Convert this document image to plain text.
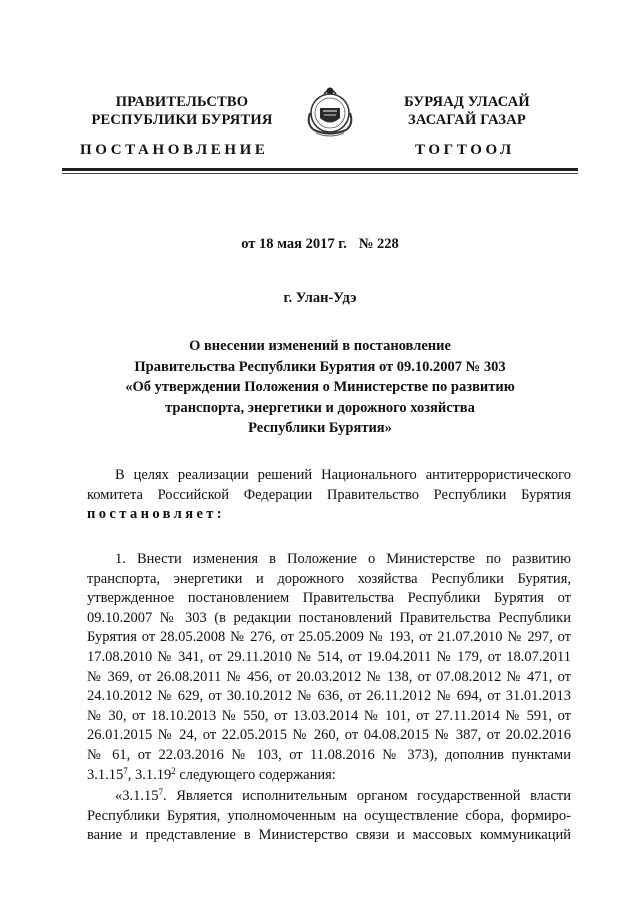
ПРАВИТЕЛЬСТВО
РЕСПУБЛИКИ БУРЯТИЯ
БУРЯАД УЛАСАЙ
ЗАСАГАЙ ГАЗАР
ПОСТАНОВЛЕНИЕ	ТОГТООЛ
от 18 мая 2017 г. № 228
г. Улан-Удэ
О внесении изменений в постановление
Правительства Республики Бурятия от 09.10.2007 № 303
«Об утверждении Положения о Министерстве по развитию
транспорта, энергетики и дорожного хозяйства
Республики Бурятия»
В целях реализации решений Национального антитеррористического
комитета Российской Федерации Правительство Республики Бурятия
постановляет:
1. Внести изменения в Положение о Министерстве по развитию
транспорта, энергетики и дорожного хозяйства Республики Бурятия,
утвержденное постановлением Правительства Республики Бурятия от
09.10.2007 № 303 (в редакции постановлений Правительства Республики
Бурятия от 28.05.2008 № 276, от 25.05.2009 № 193, от 21.07.2010 № 297, от
17.08.2010 № 341, от 29.11.2010 № 514, от 19.04.2011 № 179, от 18.07.2011
№ 369, от 26.08.2011 № 456, от 20.03.2012 № 138, от 07.08.2012 № 471, от
24.10.2012 № 629, от 30.10.2012 № 636, от 26.11.2012 № 694, от 31.01.2013
№ 30, от 18.10.2013 № 550, от 13.03.2014 № 101, от 27.11.2014 № 591, от
26.01.2015 № 24, от 22.05.2015 № 260, от 04.08.2015 № 387, от 20.02.2016
№ 61, от 22.03.2016 № 103, от 11.08.2016 № 373), дополнив пунктами
3.1.15$^7$, 3.1.19$^2$ следующего содержания:
«3.1.15$^7$. Является исполнительным органом государственной власти
Республики Бурятия, уполномоченным на осуществление сбора, формиро-
вание и представление в Министерство связи и массовых коммуникаций
